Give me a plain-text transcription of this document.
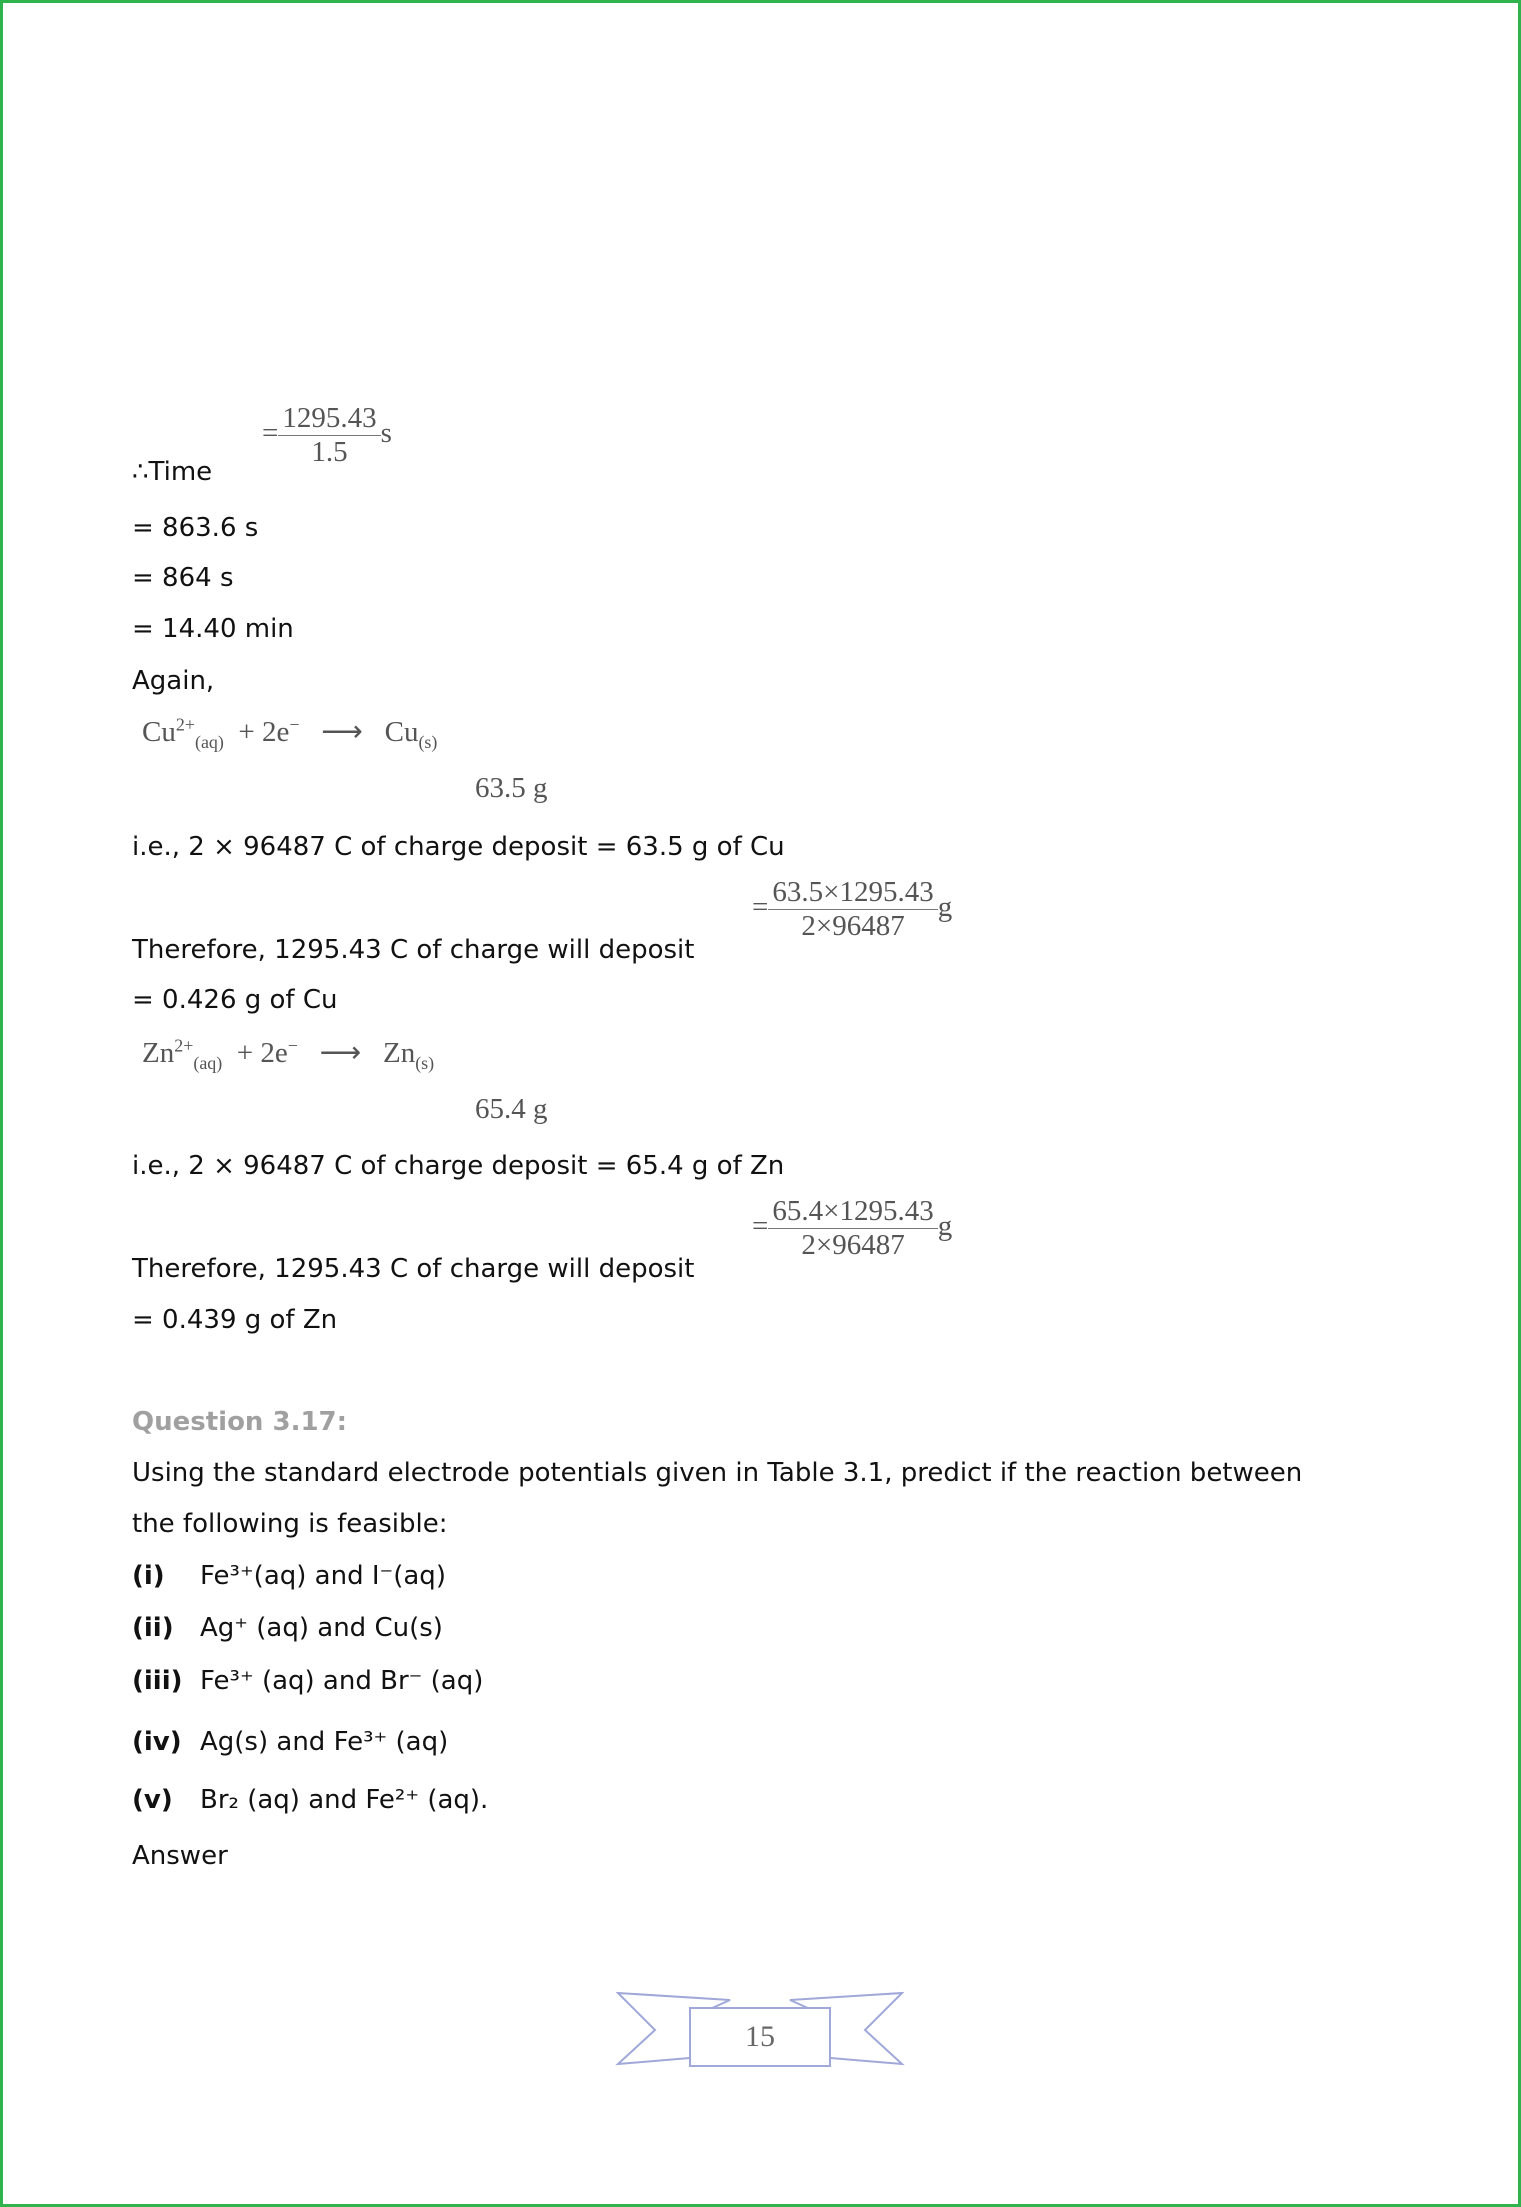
∴Time
= $\frac{1295.43}{1.5}$ s
= 863.6 s
= 864 s
= 14.40 min
Again,
$Cu^{2+}_{(aq)} + 2e^-$ ⟶ $Cu_{(s)}$
63.5 g
i.e., 2 × 96487 C of charge deposit = 63.5 g of Cu
= $\frac{63.5\times 1295.43}{2\times 96487}$ g
Therefore, 1295.43 C of charge will deposit
= 0.426 g of Cu
$Zn^{2+}_{(aq)} + 2e^-$ ⟶ $Zn_{(s)}$
65.4 g
i.e., 2 × 96487 C of charge deposit = 65.4 g of Zn
= $\frac{65.4\times 1295.43}{2\times 96487}$ g
Therefore, 1295.43 C of charge will deposit
= 0.439 g of Zn
Question 3.17:
Using the standard electrode potentials given in Table 3.1, predict if the reaction between
the following is feasible:
(i) Fe³⁺(aq) and I⁻(aq)
(ii) Ag⁺ (aq) and Cu(s)
(iii) Fe³⁺ (aq) and Br⁻ (aq)
(iv) Ag(s) and Fe³⁺ (aq)
(v) Br₂ (aq) and Fe²⁺ (aq).
Answer
15
